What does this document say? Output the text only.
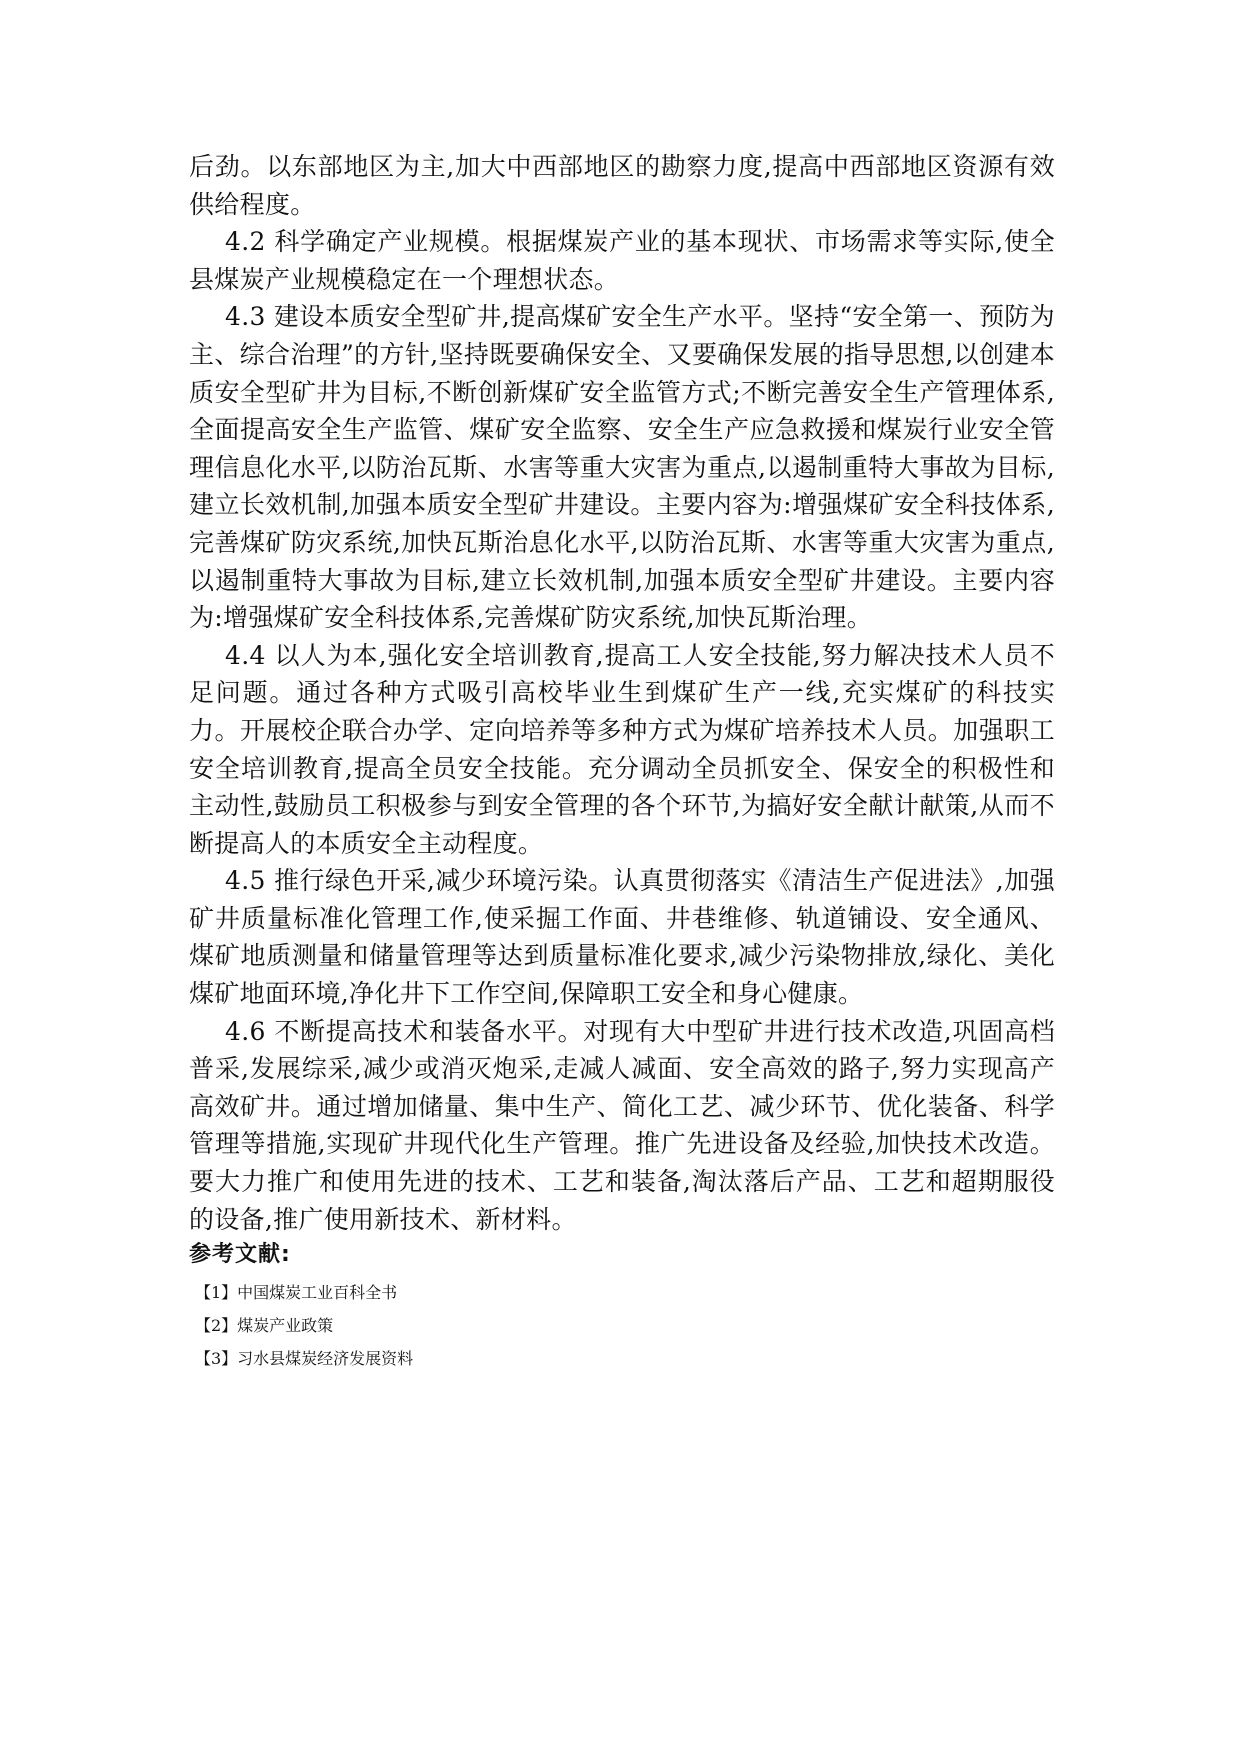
后劲。以东部地区为主,加大中西部地区的勘察力度,提高中西部地区资源有效供给程度。

4.2 科学确定产业规模。根据煤炭产业的基本现状、市场需求等实际,使全县煤炭产业规模稳定在一个理想状态。

4.3 建设本质安全型矿井,提高煤矿安全生产水平。坚持“安全第一、预防为主、综合治理”的方针,坚持既要确保安全、又要确保发展的指导思想,以创建本质安全型矿井为目标,不断创新煤矿安全监管方式;不断完善安全生产管理体系,全面提高安全生产监管、煤矿安全监察、安全生产应急救援和煤炭行业安全管理信息化水平,以防治瓦斯、水害等重大灾害为重点,以遏制重特大事故为目标,建立长效机制,加强本质安全型矿井建设。主要内容为:增强煤矿安全科技体系,完善煤矿防灾系统,加快瓦斯治息化水平,以防治瓦斯、水害等重大灾害为重点,以遏制重特大事故为目标,建立长效机制,加强本质安全型矿井建设。主要内容为:增强煤矿安全科技体系,完善煤矿防灾系统,加快瓦斯治理。

4.4 以人为本,强化安全培训教育,提高工人安全技能,努力解决技术人员不足问题。通过各种方式吸引高校毕业生到煤矿生产一线,充实煤矿的科技实力。开展校企联合办学、定向培养等多种方式为煤矿培养技术人员。加强职工安全培训教育,提高全员安全技能。充分调动全员抓安全、保安全的积极性和主动性,鼓励员工积极参与到安全管理的各个环节,为搞好安全献计献策,从而不断提高人的本质安全主动程度。

4.5 推行绿色开采,减少环境污染。认真贯彻落实《清洁生产促进法》,加强矿井质量标准化管理工作,使采掘工作面、井巷维修、轨道铺设、安全通风、煤矿地质测量和储量管理等达到质量标准化要求,减少污染物排放,绿化、美化煤矿地面环境,净化井下工作空间,保障职工安全和身心健康。

4.6 不断提高技术和装备水平。对现有大中型矿井进行技术改造,巩固高档普采,发展综采,减少或消灭炮采,走减人减面、安全高效的路子,努力实现高产高效矿井。通过增加储量、集中生产、简化工艺、减少环节、优化装备、科学管理等措施,实现矿井现代化生产管理。推广先进设备及经验,加快技术改造。要大力推广和使用先进的技术、工艺和装备,淘汰落后产品、工艺和超期服役的设备,推广使用新技术、新材料。

参考文献:

【1】中国煤炭工业百科全书
【2】煤炭产业政策
【3】习水县煤炭经济发展资料
